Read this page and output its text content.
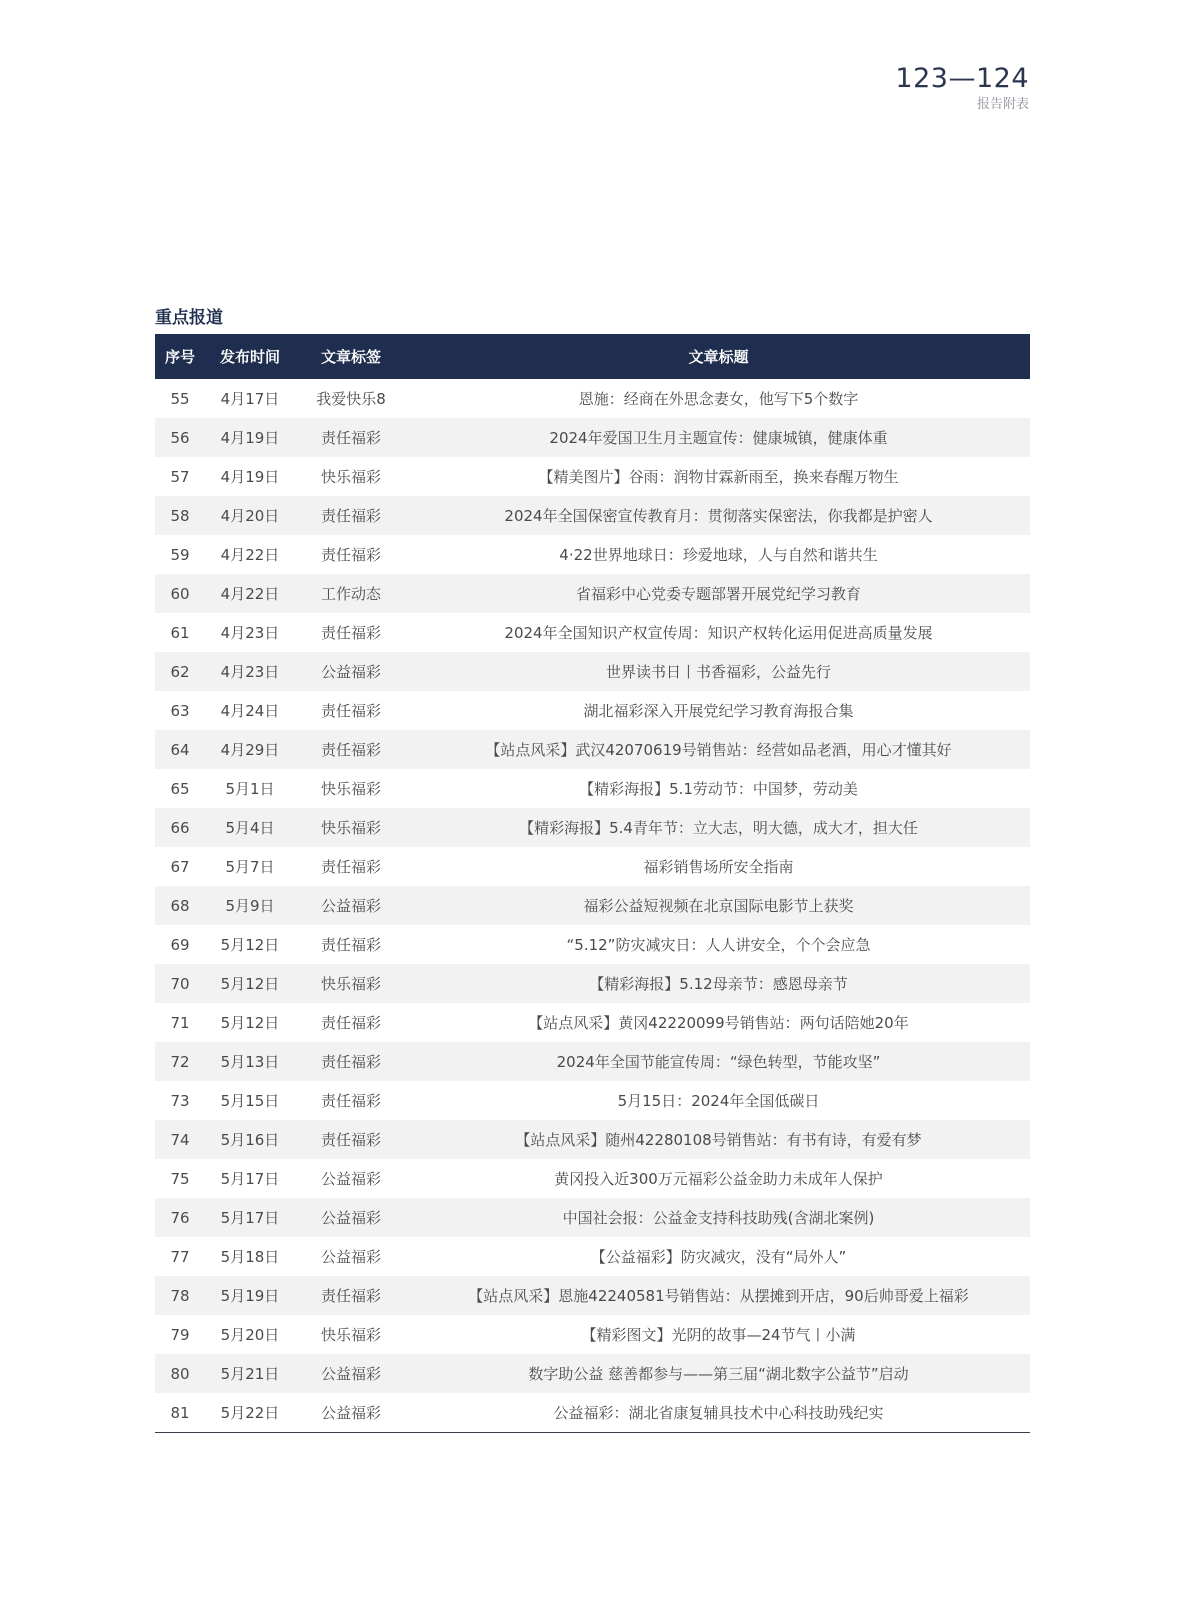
123—124
报告附表
重点报道
序号	发布时间	文章标签	文章标题
55	4月17日	我爱快乐8	恩施：经商在外思念妻女，他写下5个数字
56	4月19日	责任福彩	2024年爱国卫生月主题宣传：健康城镇，健康体重
57	4月19日	快乐福彩	【精美图片】谷雨：润物甘霖新雨至，换来春醒万物生
58	4月20日	责任福彩	2024年全国保密宣传教育月：贯彻落实保密法，你我都是护密人
59	4月22日	责任福彩	4·22世界地球日：珍爱地球，人与自然和谐共生
60	4月22日	工作动态	省福彩中心党委专题部署开展党纪学习教育
61	4月23日	责任福彩	2024年全国知识产权宣传周：知识产权转化运用促进高质量发展
62	4月23日	公益福彩	世界读书日丨书香福彩，公益先行
63	4月24日	责任福彩	湖北福彩深入开展党纪学习教育海报合集
64	4月29日	责任福彩	【站点风采】武汉42070619号销售站：经营如品老酒，用心才懂其好
65	5月1日	快乐福彩	【精彩海报】5.1劳动节：中国梦，劳动美
66	5月4日	快乐福彩	【精彩海报】5.4青年节：立大志，明大德，成大才，担大任
67	5月7日	责任福彩	福彩销售场所安全指南
68	5月9日	公益福彩	福彩公益短视频在北京国际电影节上获奖
69	5月12日	责任福彩	“5.12”防灾减灾日：人人讲安全，个个会应急
70	5月12日	快乐福彩	【精彩海报】5.12母亲节：感恩母亲节
71	5月12日	责任福彩	【站点风采】黄冈42220099号销售站：两句话陪她20年
72	5月13日	责任福彩	2024年全国节能宣传周：“绿色转型，节能攻坚”
73	5月15日	责任福彩	5月15日：2024年全国低碳日
74	5月16日	责任福彩	【站点风采】随州42280108号销售站：有书有诗，有爱有梦
75	5月17日	公益福彩	黄冈投入近300万元福彩公益金助力未成年人保护
76	5月17日	公益福彩	中国社会报：公益金支持科技助残(含湖北案例)
77	5月18日	公益福彩	【公益福彩】防灾减灾，没有“局外人”
78	5月19日	责任福彩	【站点风采】恩施42240581号销售站：从摆摊到开店，90后帅哥爱上福彩
79	5月20日	快乐福彩	【精彩图文】光阴的故事—24节气丨小满
80	5月21日	公益福彩	数字助公益 慈善都参与——第三届“湖北数字公益节”启动
81	5月22日	公益福彩	公益福彩：湖北省康复辅具技术中心科技助残纪实
